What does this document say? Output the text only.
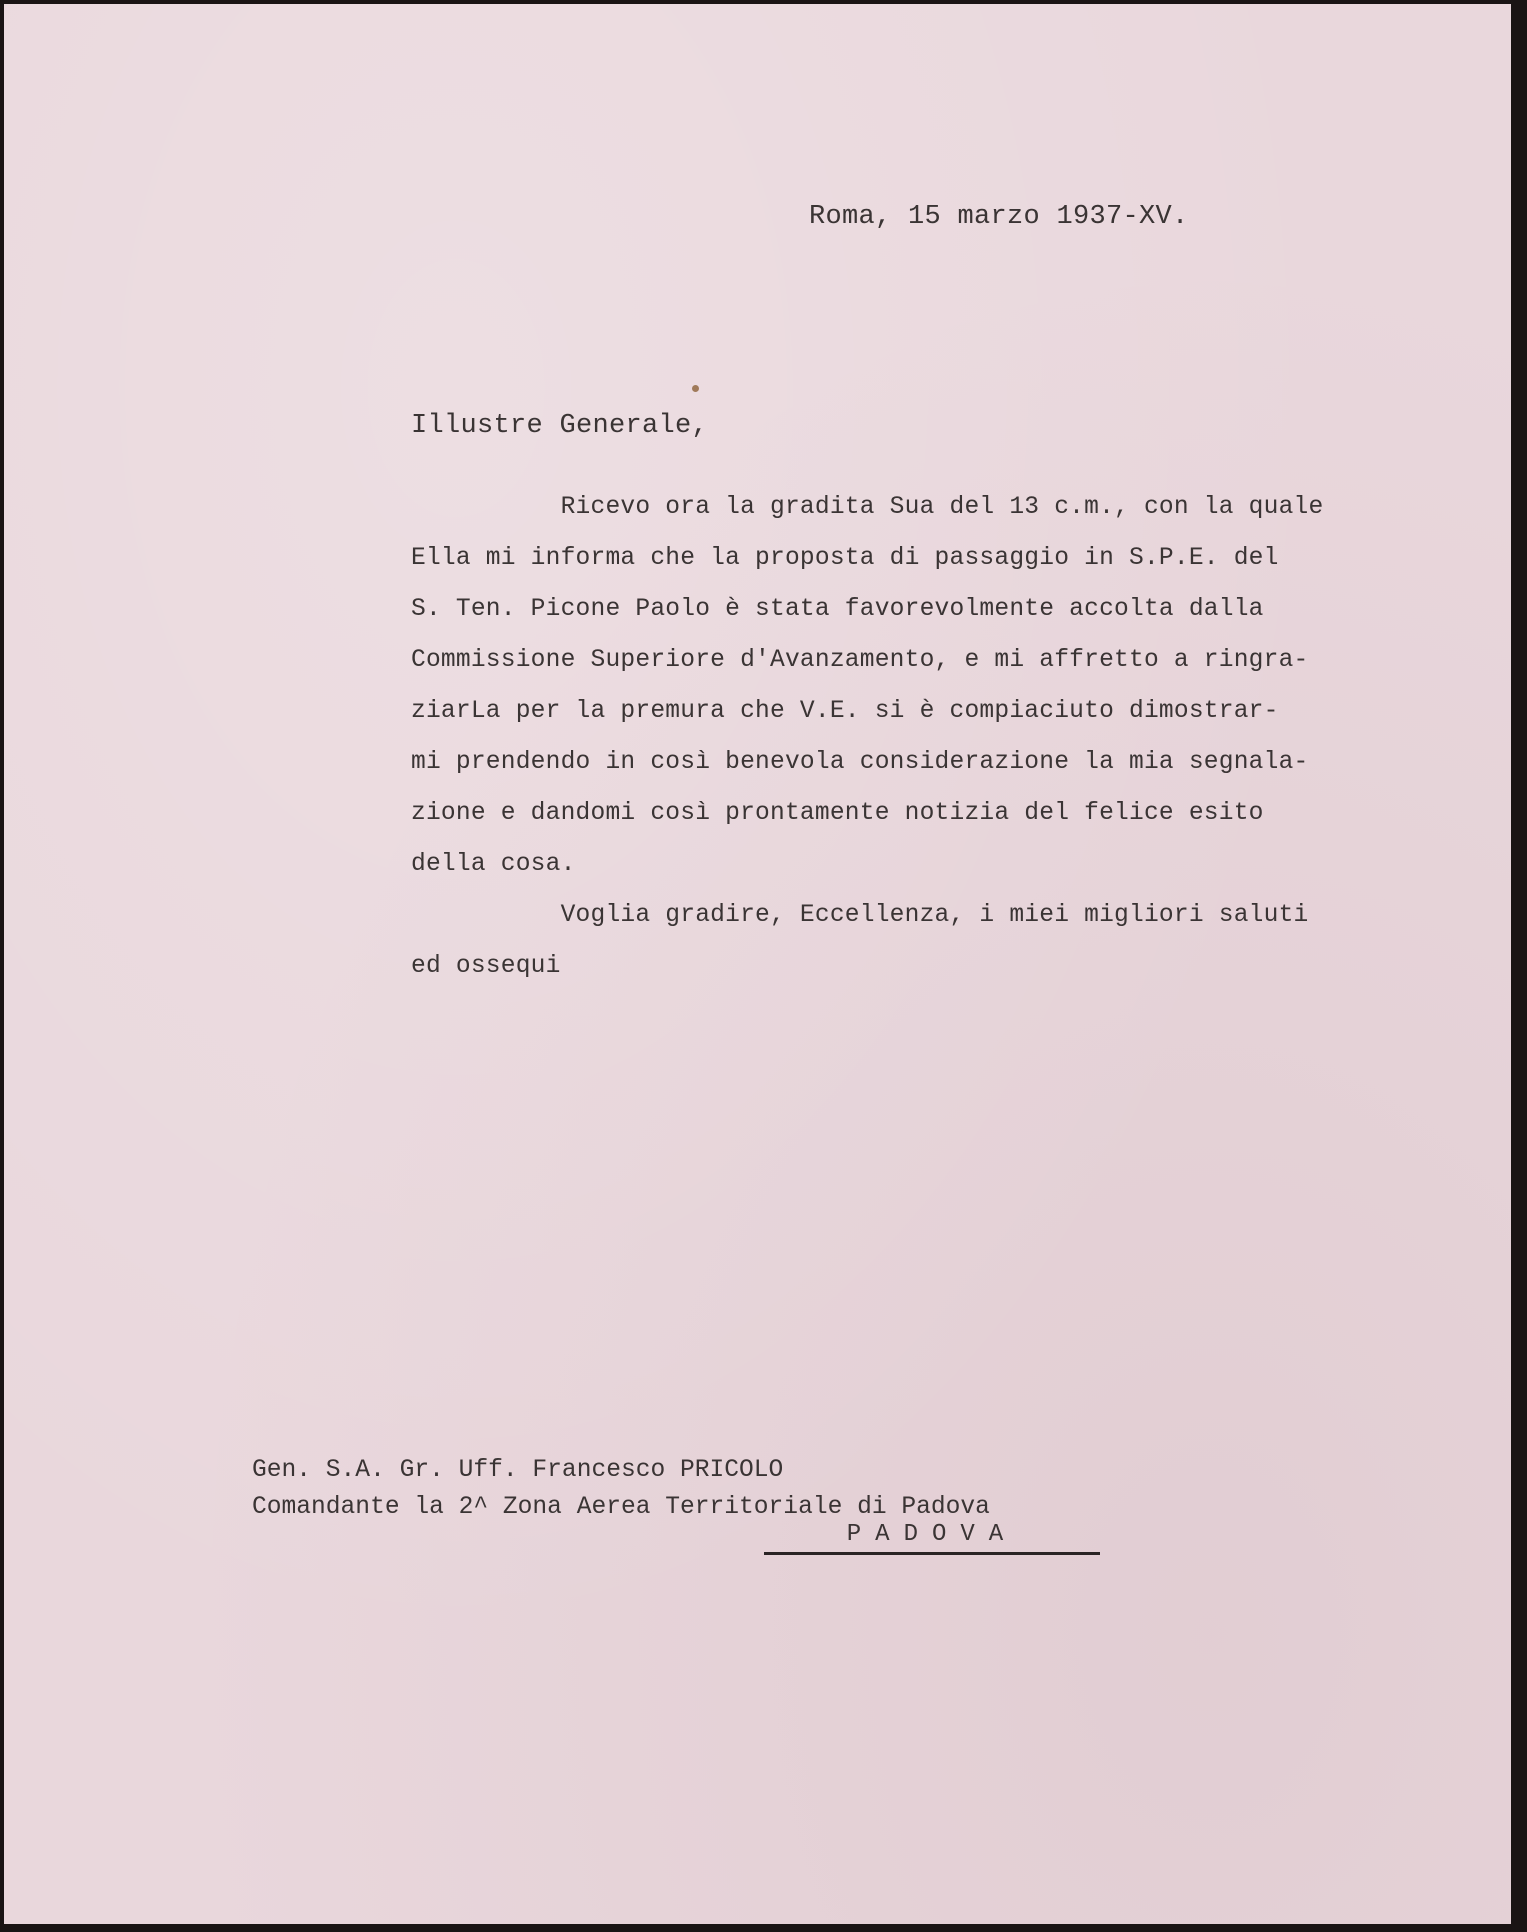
Roma, 15 marzo 1937-XV.
Illustre Generale,
Ricevo ora la gradita Sua del 13 c.m., con la quale
Ella mi informa che la proposta di passaggio in S.P.E. del
S. Ten. Picone Paolo è stata favorevolmente accolta dalla
Commissione Superiore d'Avanzamento, e mi affretto a ringra-
ziarLa per la premura che V.E. si è compiaciuto dimostrar-
mi prendendo in così benevola considerazione la mia segnala-
zione e dandomi così prontamente notizia del felice esito
della cosa.
Voglia gradire, Eccellenza, i miei migliori saluti
ed ossequi
Gen. S.A. Gr. Uff. Francesco PRICOLO
Comandante la 2^ Zona Aerea Territoriale di Padova
PADOVA
